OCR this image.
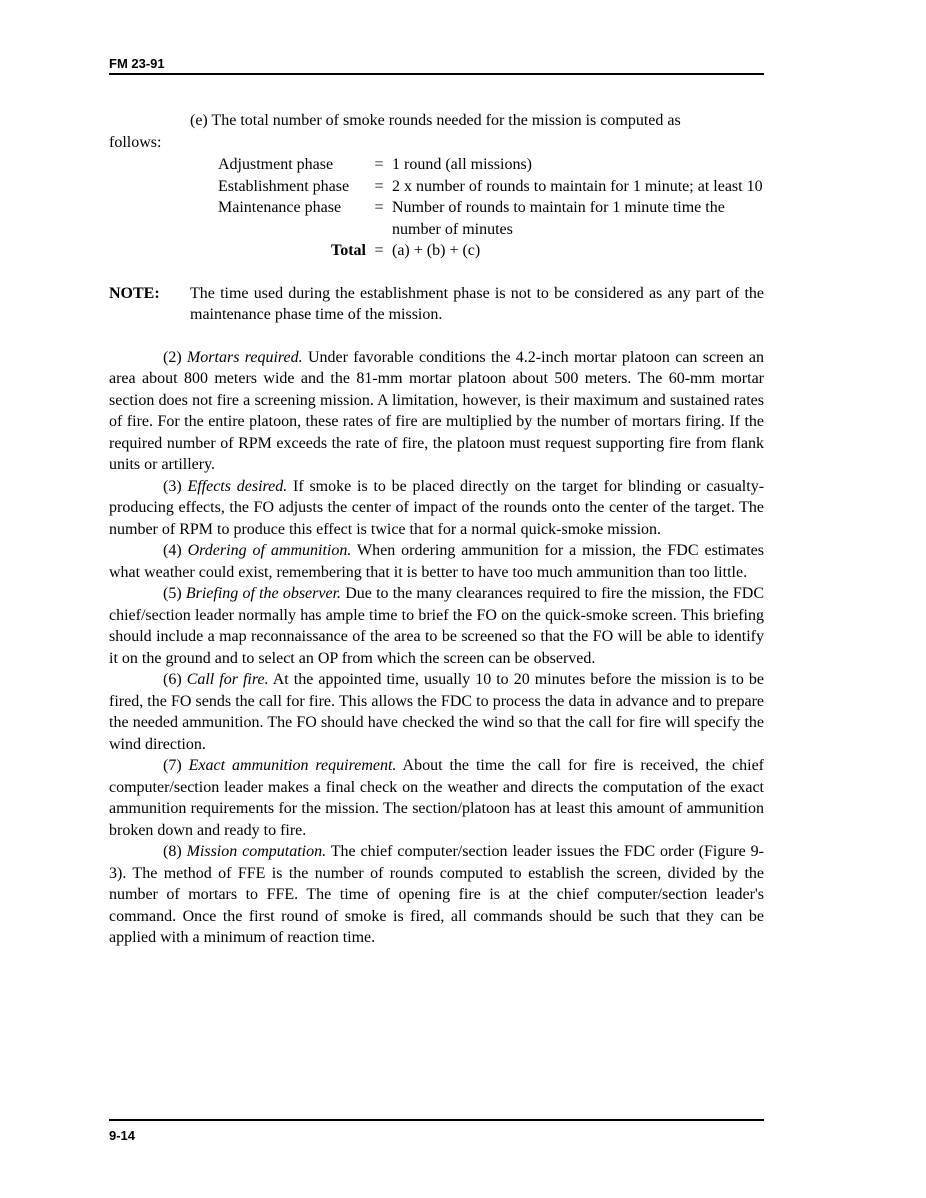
FM 23-91

(e) The total number of smoke rounds needed for the mission is computed as

follows:

Adjustment phase	= 1 round (all missions)
Establishment phase	= 2 x number of rounds to maintain for 1 minute; at least 10
Maintenance phase	= Number of rounds to maintain for 1 minute time the number of minutes
Total = (a) + (b) + (c)
NOTE:	The time used during the establishment phase is not to be considered as any part of the maintenance phase time of the mission.

(2) Mortars required. Under favorable conditions the 4.2-inch mortar platoon can screen an area about 800 meters wide and the 81-mm mortar platoon about 500 meters. The 60-mm mortar section does not fire a screening mission. A limitation, however, is their maximum and sustained rates of fire. For the entire platoon, these rates of fire are multiplied by the number of mortars firing. If the required number of RPM exceeds the rate of fire, the platoon must request supporting fire from flank units or artillery.

(3) Effects desired. If smoke is to be placed directly on the target for blinding or casualty-producing effects, the FO adjusts the center of impact of the rounds onto the center of the target. The number of RPM to produce this effect is twice that for a normal quick-smoke mission.

(4) Ordering of ammunition. When ordering ammunition for a mission, the FDC estimates what weather could exist, remembering that it is better to have too much ammunition than too little.

(5) Briefing of the observer. Due to the many clearances required to fire the mission, the FDC chief/section leader normally has ample time to brief the FO on the quick-smoke screen. This briefing should include a map reconnaissance of the area to be screened so that the FO will be able to identify it on the ground and to select an OP from which the screen can be observed.

(6) Call for fire. At the appointed time, usually 10 to 20 minutes before the mission is to be fired, the FO sends the call for fire. This allows the FDC to process the data in advance and to prepare the needed ammunition. The FO should have checked the wind so that the call for fire will specify the wind direction.

(7) Exact ammunition requirement. About the time the call for fire is received, the chief computer/section leader makes a final check on the weather and directs the computation of the exact ammunition requirements for the mission. The section/platoon has at least this amount of ammunition broken down and ready to fire.

(8) Mission computation. The chief computer/section leader issues the FDC order (Figure 9-3). The method of FFE is the number of rounds computed to establish the screen, divided by the number of mortars to FFE. The time of opening fire is at the chief computer/section leader's command. Once the first round of smoke is fired, all commands should be such that they can be applied with a minimum of reaction time.

9-14
